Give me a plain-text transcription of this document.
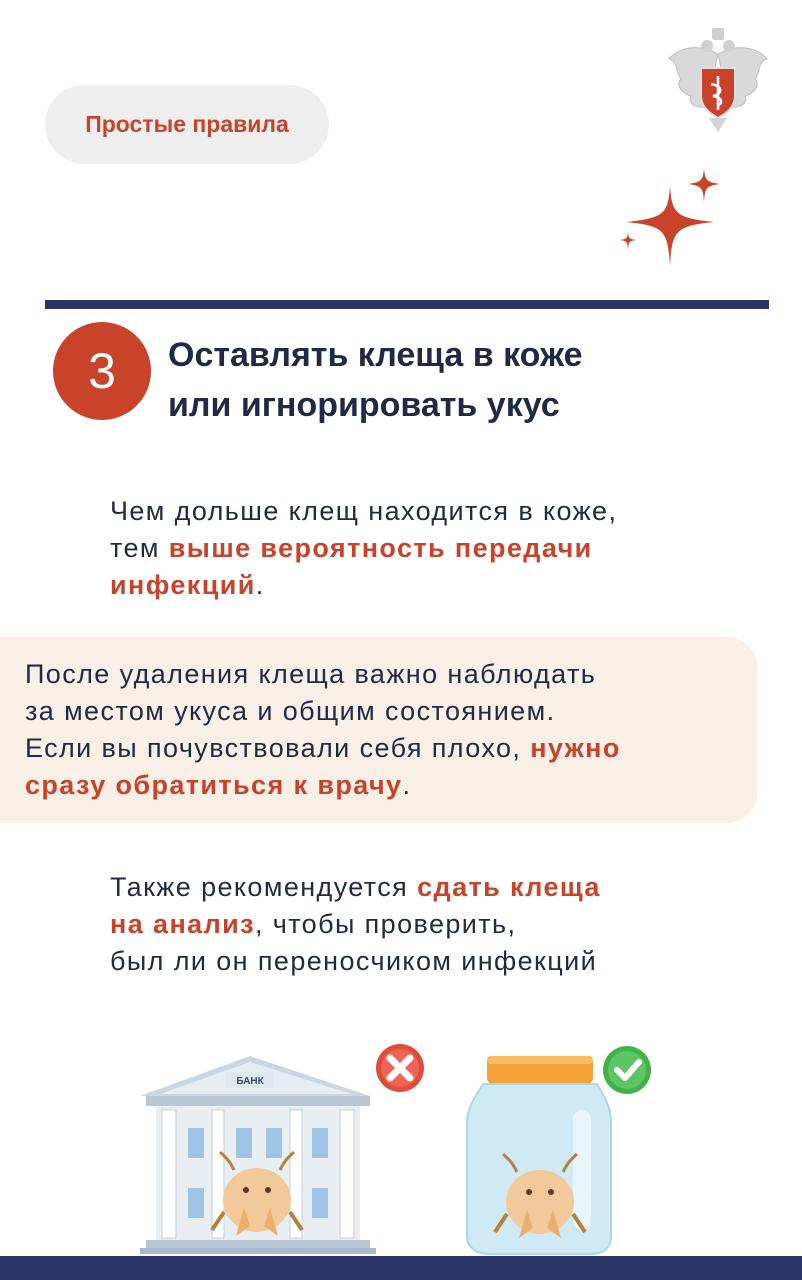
Простые правила
3 Оставлять клеща в коже
или игнорировать укус
Чем дольше клещ находится в коже,
тем выше вероятность передачи
инфекций.
После удаления клеща важно наблюдать
за местом укуса и общим состоянием.
Если вы почувствовали себя плохо, нужно
сразу обратиться к врачу.
Также рекомендуется сдать клеща
на анализ, чтобы проверить,
был ли он переносчиком инфекций
БАНК
